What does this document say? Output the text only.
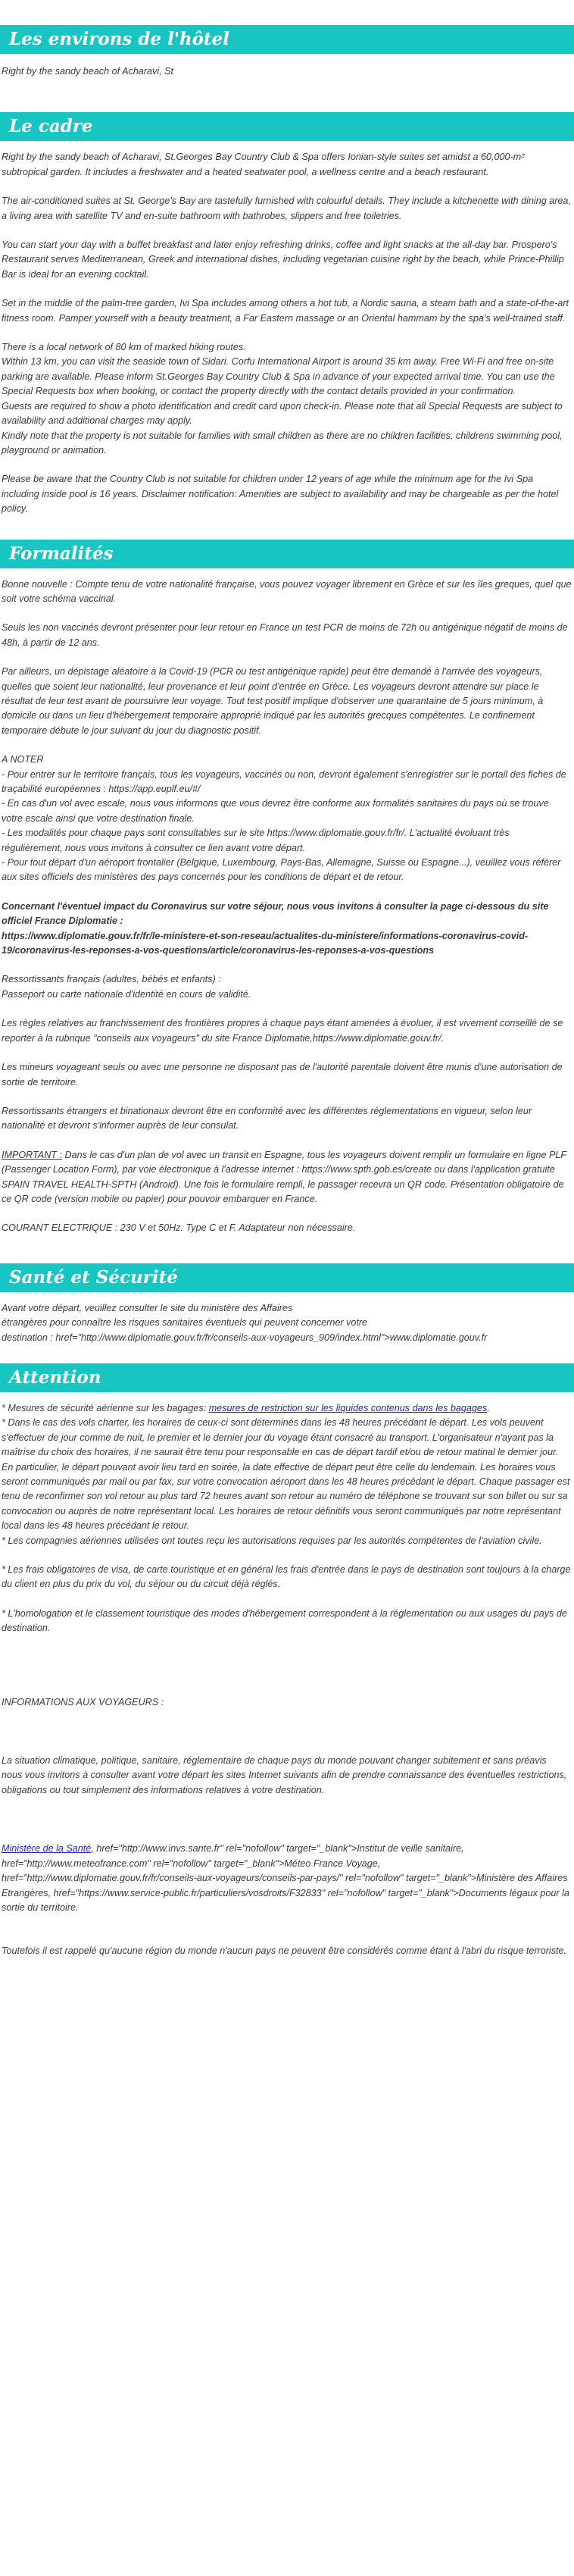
Les environs de l'hôtel

Right by the sandy beach of Acharavi, St

Le cadre

Right by the sandy beach of Acharavi, St.Georges Bay Country Club & Spa offers Ionian-style suites set amidst a 60,000-m² subtropical garden. It includes a freshwater and a heated seatwater pool, a wellness centre and a beach restaurant.

The air-conditioned suites at St. George's Bay are tastefully furnished with colourful details. They include a kitchenette with dining area, a living area with satellite TV and en-suite bathroom with bathrobes, slippers and free toiletries.

You can start your day with a buffet breakfast and later enjoy refreshing drinks, coffee and light snacks at the all-day bar. Prospero's Restaurant serves Mediterranean, Greek and international dishes, including vegetarian cuisine right by the beach, while Prince-Phillip Bar is ideal for an evening cocktail.

Set in the middle of the palm-tree garden, Ivi Spa includes among others a hot tub, a Nordic sauna, a steam bath and a state-of-the-art fitness room. Pamper yourself with a beauty treatment, a Far Eastern massage or an Oriental hammam by the spa's well-trained staff.

There is a local network of 80 km of marked hiking routes.
Within 13 km, you can visit the seaside town of Sidari. Corfu International Airport is around 35 km away. Free Wi-Fi and free on-site parking are available. Please inform St.Georges Bay Country Club & Spa in advance of your expected arrival time. You can use the Special Requests box when booking, or contact the property directly with the contact details provided in your confirmation.
Guests are required to show a photo identification and credit card upon check-in. Please note that all Special Requests are subject to availability and additional charges may apply.
Kindly note that the property is not suitable for families with small children as there are no children facilities, childrens swimming pool, playground or animation.

Please be aware that the Country Club is not suitable for children under 12 years of age while the minimum age for the Ivi Spa including inside pool is 16 years. Disclaimer notification: Amenities are subject to availability and may be chargeable as per the hotel policy.

Formalités

Bonne nouvelle : Compte tenu de votre nationalité française, vous pouvez voyager librement en Grèce et sur les îles greques, quel que soit votre schéma vaccinal.

Seuls les non vaccinés devront présenter pour leur retour en France un test PCR de moins de 72h ou antigénique négatif de moins de 48h, à partir de 12 ans.

Par ailleurs, un dépistage aléatoire à la Covid-19 (PCR ou test antigénique rapide) peut être demandé à l'arrivée des voyageurs, quelles que soient leur nationalité, leur provenance et leur point d'entrée en Grèce. Les voyageurs devront attendre sur place le résultat de leur test avant de poursuivre leur voyage. Tout test positif implique d'observer une quarantaine de 5 jours minimum, à domicile ou dans un lieu d'hébergement temporaire approprié indiqué par les autorités grecques compétentes. Le confinement temporaire débute le jour suivant du jour du diagnostic positif.

A NOTER
- Pour entrer sur le territoire français, tous les voyageurs, vaccinés ou non, devront également s'enregistrer sur le portail des fiches de traçabilité européennes : https://app.euplf.eu/#/
- En cas d'un vol avec escale, nous vous informons que vous devrez être conforme aux formalités sanitaires du pays où se trouve votre escale ainsi que votre destination finale.
- Les modalités pour chaque pays sont consultables sur le site https://www.diplomatie.gouv.fr/fr/. L'actualité évoluant très régulièrement, nous vous invitons à consulter ce lien avant votre départ.
- Pour tout départ d'un aéroport frontalier (Belgique, Luxembourg, Pays-Bas, Allemagne, Suisse ou Espagne...), veuillez vous référer aux sites officiels des ministères des pays concernés pour les conditions de départ et de retour.

Concernant l'éventuel impact du Coronavirus sur votre séjour, nous vous invitons à consulter la page ci-dessous du site officiel France Diplomatie :
https://www.diplomatie.gouv.fr/fr/le-ministere-et-son-reseau/actualites-du-ministere/informations-coronavirus-covid-19/coronavirus-les-reponses-a-vos-questions/article/coronavirus-les-reponses-a-vos-questions

Ressortissants français (adultes, bébés et enfants) :
Passeport ou carte nationale d'identité en cours de validité.

Les règles relatives au franchissement des frontières propres à chaque pays étant amenées à évoluer, il est vivement conseillé de se reporter à la rubrique "conseils aux voyageurs" du site France Diplomatie,https://www.diplomatie.gouv.fr/.

Les mineurs voyageant seuls ou avec une personne ne disposant pas de l'autorité parentale doivent être munis d'une autorisation de sortie de territoire.

Ressortissants étrangers et binationaux devront être en conformité avec les différentes réglementations en vigueur, selon leur nationalité et devront s'informer auprès de leur consulat.

IMPORTANT : Dans le cas d'un plan de vol avec un transit en Espagne, tous les voyageurs doivent remplir un formulaire en ligne PLF (Passenger Location Form), par voie électronique à l'adresse internet : https://www.spth.gob.es/create ou dans l'application gratuite SPAIN TRAVEL HEALTH-SPTH (Android). Une fois le formulaire rempli, le passager recevra un QR code. Présentation obligatoire de ce QR code (version mobile ou papier) pour pouvoir embarquer en France.

COURANT ELECTRIQUE : 230 V et 50Hz. Type C et F. Adaptateur non nécessaire.

Santé et Sécurité

Avant votre départ, veuillez consulter le site du ministère des Affaires
étrangères pour connaître les risques sanitaires éventuels qui peuvent concerner votre
destination : href="http://www.diplomatie.gouv.fr/fr/conseils-aux-voyageurs_909/index.html">www.diplomatie.gouv.fr

Attention

* Mesures de sécurité aérienne sur les bagages: mesures de restriction sur les liquides contenus dans les bagages.

* Dans le cas des vols charter, les horaires de ceux-ci sont déterminés dans les 48 heures précédant le départ. Les vols peuvent s'effectuer de jour comme de nuit, le premier et le dernier jour du voyage étant consacré au transport. L'organisateur n'ayant pas la maîtrise du choix des horaires, il ne saurait être tenu pour responsable en cas de départ tardif et/ou de retour matinal le dernier jour. En particulier, le départ pouvant avoir lieu tard en soirée, la date effective de départ peut être celle du lendemain. Les horaires vous seront communiqués par mail ou par fax, sur votre convocation aéroport dans les 48 heures précédant le départ. Chaque passager est tenu de reconfirmer son vol retour au plus tard 72 heures avant son retour au numéro de téléphone se trouvant sur son billet ou sur sa convocation ou auprès de notre représentant local. Les horaires de retour définitifs vous seront communiqués par notre représentant local dans les 48 heures précédant le retour.
* Les compagnies aériennes utilisées ont toutes reçu les autorisations requises par les autorités compétentes de l'aviation civile.

* Les frais obligatoires de visa, de carte touristique et en général les frais d'entrée dans le pays de destination sont toujours à la charge du client en plus du prix du vol, du séjour ou du circuit déjà réglés.

* L'homologation et le classement touristique des modes d'hébergement correspondent à la réglementation ou aux usages du pays de destination.

INFORMATIONS AUX VOYAGEURS :

La situation climatique, politique, sanitaire, réglementaire de chaque pays du monde pouvant changer subitement et sans préavis
nous vous invitons à consulter avant votre départ les sites Internet suivants afin de prendre connaissance des éventuelles restrictions, obligations ou tout simplement des informations relatives à votre destination.

Ministère de la Santé, href="http://www.invs.sante.fr" rel="nofollow" target="_blank">Institut de veille sanitaire, href="http://www.meteofrance.com" rel="nofollow" target="_blank">Méteo France Voyage, href="http://www.diplomatie.gouv.fr/fr/conseils-aux-voyageurs/conseils-par-pays/" rel="nofollow" target="_blank">Ministère des Affaires Etrangères, href="https://www.service-public.fr/particuliers/vosdroits/F32833" rel="nofollow" target="_blank">Documents légaux pour la sortie du territoire.

Toutefois il est rappelé qu'aucune région du monde n'aucun pays ne peuvent être considérés comme étant à l'abri du risque terroriste.
